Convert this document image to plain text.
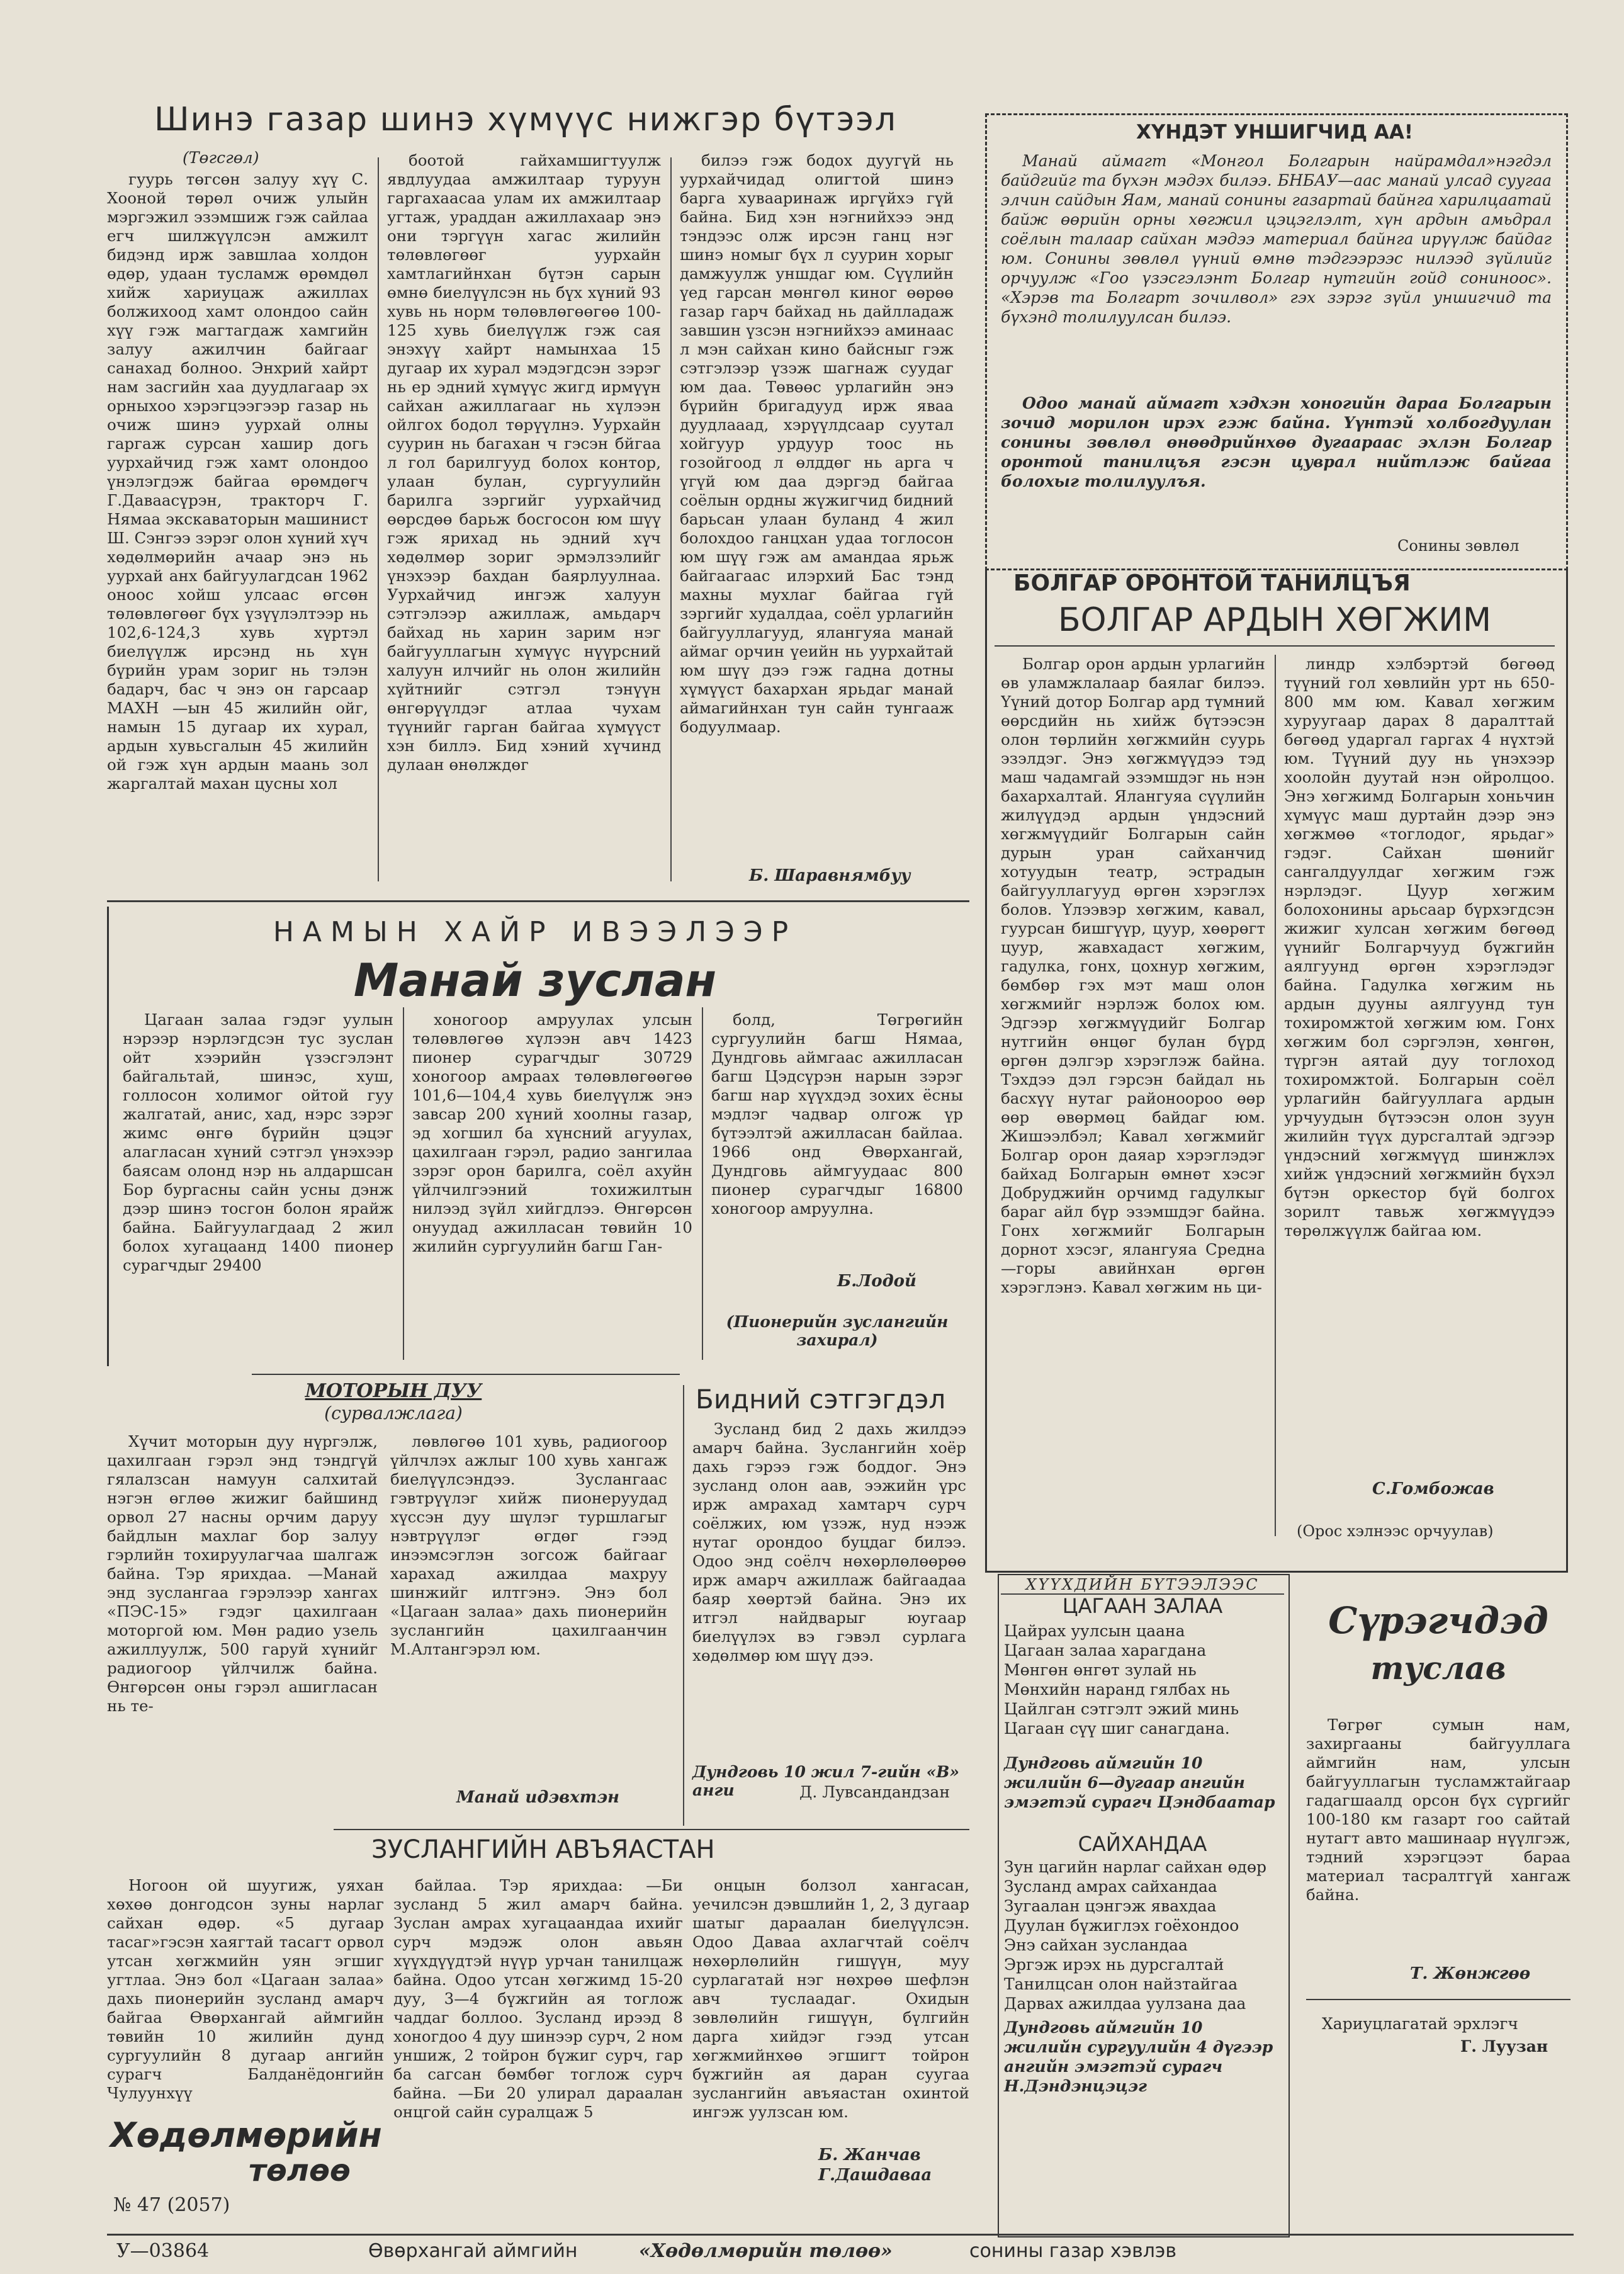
Шинэ газар шинэ хүмүүс нижгэр бүтээл
(Төгсгөл)

гуурь төгсөн залуу хүү С. Хооной төрөл очиж улыйн мэргэжил эзэмшиж гэж сайлаа егч шилжүүлсэн амжилт бидэнд ирж завшлаа холдон өдөр, удаан тусламж өрөмдөл хийж хариуцаж ажиллах болжихоод хамт олондоо сайн хүү гэж магтагдаж хамгийн залуу ажилчин байгааг санахад болноо. Энхрий хайрт нам засгийн хаа дуудлагаар эх орныхоо хэрэгцээгээр газар нь очиж шинэ уурхай олны гаргаж сурсан хашир догь уурхайчид гэж хамт олондоо үнэлэгдэж байгаа өрөмдөгч Г.Даваасүрэн, тракторч Г. Нямаа экскаваторын машинист Ш. Сэнгээ зэрэг олон хүний хүч хөдөлмөрийн ачаар энэ нь уурхай анх байгуулагдсан 1962 оноос хойш улсаас өгсөн төлөвлөгөөг бүх үзүүлэлтээр нь 102,6-124,3 хувь хүртэл биелүүлж ирсэнд нь хүн бүрийн урам зориг нь тэлэн бадарч, бас ч энэ он гарсаар МАХН —ын 45 жилийн ойг, намын 15 дугаар их хурал, ардын хувьсгалын 45 жилийн ой гэж хүн ардын маань зол жаргалтай махан цусны хол

боотой гайхамшигтуулж явдлуудаа амжилтаар туруун гаргахаасаа улам их амжилтаар угтаж, ураддан ажиллахаар энэ они тэргүүн хагас жилийн төлөвлөгөөг уурхайн хамтлагийнхан бүтэн сарын өмнө биелүүлсэн нь бүх хүний 93 хувь нь норм төлөвлөгөөгөө 100-125 хувь биелүүлж гэж сая энэхүү хайрт намынхаа 15 дугаар их хурал мэдэгдсэн зэрэг нь ер эдний хүмүүс жигд ирмүүн сайхан ажиллагааг нь хүлээн ойлгох бодол төрүүлнэ. Уурхайн суурин нь багахан ч гэсэн бйгаа л гол барилгууд болох контор, улаан булан, сургуулийн барилга зэргийг уурхайчид өөрсдөө барьж босгосон юм шүү гэж ярихад нь эдний хүч хөдөлмөр зориг эрмэлзэлийг үнэхээр бахдан баярлуулнаа. Уурхайчид ингэж халуун сэтгэлээр ажиллаж, амьдарч байхад нь харин зарим нэг байгууллагын хүмүүс нүүрсний халуун илчийг нь олон жилийн хүйтнийг сэтгэл тэнүүн өнгөрүүлдэг атлаа чухам түүнийг гарган байгаа хүмүүст хэн биллэ. Бид хэний хүчинд дулаан өнөлждөг

билээ гэж бодох дуугүй нь уурхайчидад олигтой шинэ барга хувааринаж иргүйхэ гүй байна. Бид хэн нэгнийхээ энд тэндээс олж ирсэн ганц нэг шинэ номыг бүх л суурин хорыг дамжуулж уншдаг юм. Сүүлийн үед гарсан мөнгөл киног өөрөө газар гарч байхад нь дайлладаж завшин үзсэн нэгнийхээ аминаас л мэн сайхан кино байсныг гэж сэтгэлээр үзэж шагнаж суудаг юм даа. Төвөөс урлагийн энэ бүрийн бригадууд ирж яваа дуудлааад, хэрүүлдсаар суутал хойгуур урдуур тоос нь гозойгоод л өлддөг нь арга ч үгүй юм даа дэргэд байгаа соёлын ордны жүжигчид бидний барьсан улаан буланд 4 жил болохдоо ганцхан удаа тоглосон юм шүү гэж ам амандаа ярьж байгаагаас илэрхий Бас тэнд махны мухлаг байгаа гүй зэргийг худалдаа, соёл урлагийн байгууллагууд, ялангуяа манай аймаг орчин үеийн нь уурхайтай юм шүү дээ гэж гадна дотны хүмүүст бахархан ярьдаг манай аймагийнхан тун сайн тунгааж бодуулмаар.

Б. Шаравнямбуу
ХҮНДЭТ УНШИГЧИД АА!

Манай аймагт «Монгол Болгарын найрамдал»нэгдэл байдгийг та бүхэн мэдэх билээ. БНБАУ—аас манай улсад суугаа элчин сайдын Яам, манай сонины газартай байнга харилцаатай байж өөрийн орны хөгжил цэцэглэлт, хүн ардын амьдрал соёлын талаар сайхан мэдээ материал байнга ирүүлж байдаг юм. Сонины зөвлөл үүний өмнө тэдгээрээс нилээд зүйлийг орчуулж «Гоо үзэсгэлэнт Болгар нутгийн гойд сониноос». «Хэрэв та Болгарт зочилвол» гэх зэрэг зүйл уншигчид та бүхэнд толилуулсан билээ.

Одоо манай аймагт хэдхэн хоногийн дараа Болгарын зочид морилон ирэх гэж байна. Үүнтэй холбогдуулан сонины зөвлөл өнөөдрийнхөө дугаараас эхлэн Болгар оронтой танилцъя гэсэн цуврал нийтлэж байгаа болохыг толилуулъя.

Сонины зөвлөл
БОЛГАР ОРОНТОЙ ТАНИЛЦЪЯ
БОЛГАР АРДЫН ХӨГЖИМ

Болгар орон ардын урлагийн өв уламжлалаар баялаг билээ. Үүний дотор Болгар ард түмний өөрсдийн нь хийж бүтээсэн олон төрлийн хөгжмийн суурь эзэлдэг. Энэ хөгжмүүдээ тэд маш чадамгай эзэмшдэг нь нэн бахархалтай. Ялангуяа сүүлийн жилүүдэд ардын үндэсний хөгжмүүдийг Болгарын сайн дурын уран сайханчид хотуудын театр, эстрадын байгууллагууд өргөн хэрэглэх болов. Үлээвэр хөгжим, кавал, гуурсан бишгүүр, цуур, хөөрөгт цуур, жавхадаст хөгжим, гадулка, гонх, цохнур хөгжим, бөмбөр гэх мэт маш олон хөгжмийг нэрлэж болох юм. Эдгээр хөгжмүүдийг Болгар нутгийн өнцөг булан бүрд өргөн дэлгэр хэрэглэж байна. Тэхдээ дэл гэрсэн байдал нь басхүү нутаг районоороо өөр өөр өвөрмөц байдаг юм. Жишээлбэл; Кавал хөгжмийг Болгар орон даяар хэрэглэдэг байхад Болгарын өмнөт хэсэг Добруджийн орчимд гадулкыг бараг айл бүр эзэмшдэг байна. Гонх хөгжмийг Болгарын дорнот хэсэг, ялангуяа Средна—горы авийнхан өргөн хэрэглэнэ. Кавал хөгжим нь ци-

линдр хэлбэртэй бөгөөд түүний гол хөвлийн урт нь 650-800 мм юм. Кавал хөгжим хуруугаар дарах 8 даралттай бөгөөд ударгал гаргах 4 нүхтэй юм. Түүний дуу нь үнэхээр хоолойн дуутай нэн ойролцоо. Энэ хөгжимд Болгарын хоньчин хүмүүс маш дуртайн дээр энэ хөгжмөө «тоглодог, ярьдаг» гэдэг. Сайхан шөнийг сангалдуулдаг хөгжим гэж нэрлэдэг. Цуур хөгжим болохонины арьсаар бүрхэгдсэн жижиг хулсан хөгжим бөгөөд үүнийг Болгарчууд бүжгийн аялгуунд өргөн хэрэглэдэг байна. Гадулка хөгжим нь ардын дууны аялгуунд тун тохиромжтой хөгжим юм. Гонх хөгжим бол сэргэлэн, хөнгөн, түргэн аятай дуу тоглоход тохиромжтой. Болгарын соёл урлагийн байгууллага ардын урчуудын бүтээсэн олон зуун жилийн түүх дурсгалтай эдгээр үндэсний хөгжмүүд шинжлэх хийж үндэсний хөгжмийн бүхэл бүтэн оркестор бүй болгох зорилт тавьж хөгжмүүдээ төрөлжүүлж байгаа юм.

С.Гомбожав
(Орос хэлнээс орчуулав)
НАМЫН ХАЙР ИВЭЭЛЭЭР
Манай зуслан

Цагаан залаа гэдэг уулын нэрээр нэрлэгдсэн тус зуслан ойт хээрийн үзэсгэлэнт байгальтай, шинэс, хуш, голлосон холимог ойтой гуу жалгатай, анис, хад, нэрс зэрэг жимс өнгө бүрийн цэцэг алагласан хүний сэтгэл үнэхээр баясам олонд нэр нь алдаршсан Бор бургасны сайн усны дэнж дээр шинэ тосгон болон ярайж байна. Байгуулагдаад 2 жил болох хугацаанд 1400 пионер сурагчдыг 29400

хоногоор амруулах улсын төлөвлөгөө хүлээн авч 1423 пионер сурагчдыг 30729 хоногоор амраах төлөвлөгөөгөө 101,6—104,4 хувь биелүүлж энэ завсар 200 хүний хоолны газар, эд хогшил ба хүнсний агуулах, цахилгаан гэрэл, радио зангилаа зэрэг орон барилга, соёл ахуйн үйлчилгээний тохижилтын нилээд зүйл хийгдлээ. Өнгөрсөн онуудад ажилласан төвийн 10 жилийн сургуулийн багш Ган-

болд, Төгрөгийн сургуулийн багш Нямаа, Дундговь аймгаас ажилласан багш Цэдсүрэн нарын зэрэг багш нар хүүхдэд зохих ёсны мэдлэг чадвар олгож үр бүтээлтэй ажилласан байлаа. 1966 онд Өвөрхангай, Дундговь аймгуудаас 800 пионер сурагчдыг 16800 хоногоор амруулна.

Б.Лодой
(Пионерийн зуслангийн захирал)
МОТОРЫН ДУУ
(сурвалжлага)

Хүчит моторын дуу нүргэлж, цахилгаан гэрэл энд тэндгүй гялалзсан намуун салхитай нэгэн өглөө жижиг байшинд орвол 27 насны орчим даруу байдлын махлаг бор залуу гэрлийн тохируулагчаа шалгаж байна. Тэр ярихдаа. —Манай энд зуслангаа гэрэлээр хангах «ПЭС-15» гэдэг цахилгаан моторгой юм. Мөн радио узель ажиллуулж, 500 гаруй хүнийг радиогоор үйлчилж байна. Өнгөрсөн оны гэрэл ашигласан нь те-

лөвлөгөө 101 хувь, радиогоор үйлчлэх ажлыг 100 хувь хангаж биелүүлсэндээ. Зуслангаас гэвтрүүлэг хийж пионеруудад хүссэн дуу шүлэг туршлагыг нэвтрүүлэг өгдөг гээд инээмсэглэн зогсож байгааг харахад ажилдаа махруу шинжийг илтгэнэ. Энэ бол «Цагаан залаа» дахь пионерийн зуслангийн цахилгаанчин М.Алтангэрэл юм.

Манай идэвхтэн
Бидний сэтгэгдэл

Зусланд бид 2 дахь жилдээ амарч байна. Зуслангийн хоёр дахь гэрээ гэж боддог. Энэ зусланд олон аав, ээжийн үрс ирж амрахад хамтарч сурч соёлжих, юм үзэж, нуд нээж нутаг орондоо буцдаг билээ. Одоо энд соёлч нөхөрлөлөөрөө ирж амарч ажиллаж байгаадаа баяр хөөртэй байна. Энэ их итгэл найдварыг юугаар биелүүлэх вэ гэвэл сурлага хөдөлмөр юм шүү дээ.

Дундговь 10 жил 7-гийн «В» анги	Д. Лувсандандзан
ЗУСЛАНГИЙН АВЪЯАСТАН

Ногоон ой шуугиж, уяхан хөхөө донгодсон зуны нарлаг сайхан өдөр. «5 дугаар тасаг»гэсэн хаягтай тасагт орвол утсан хөгжмийн уян эгшиг угтлаа. Энэ бол «Цагаан залаа» дахь пионерийн зусланд амарч байгаа Өвөрхангай аймгийн төвийн 10 жилийн дунд сургуулийн 8 дугаар ангийн сурагч Балданёдонгийн Чулуунхүү

байлаа. Тэр ярихдаа: —Би зусланд 5 жил амарч байна. Зуслан амрах хугацаандаа ихийг сурч мэдэж олон авьян хүүхдүүдтэй нүүр урчан танилцаж байна. Одоо утсан хөгжимд 15-20 дуу, 3—4 бүжгийн ая тоглож чаддаг боллоо. Зусланд ирээд 8 хоногдоо 4 дуу шинээр сурч, 2 ном уншиж, 2 тойрон бүжиг сурч, гар ба сагсан бөмбөг тоглож сурч байна. —Би 20 улирал дараалан онцгой сайн суралцаж 5

онцын болзол хангасан, уечилсэн дэвшлийн 1, 2, 3 дугаар шатыг дараалан биелүүлсэн. Одоо Даваа ахлагчтай соёлч нөхөрлөлийн гишүүн, муу сурлагатай нэг нөхрөө шефлэн авч туслаадаг. Охидын зөвлөлийн гишүүн, бүлгийн дарга хийдэг гээд утсан хөгжмийнхөө эгшигт тойрон бүжгийн ая даран суугаа зуслангийн авъяастан охинтой ингэж уулзсан юм.

Б. Жанчав
Г.Дашдаваа
Хөдөлмөрийн
төлөө
№ 47 (2057)
ХҮҮХДИЙН БҮТЭЭЛЭЭС
ЦАГААН ЗАЛАА
Цайрах уулсын цаана
Цагаан залаа харагдана
Мөнгөн өнгөт зулай нь
Мөнхийн наранд гялбах нь
Цайлган сэтгэлт эжий минь
Цагаан сүү шиг санагдана.
Дундговь аймгийн 10 жилийн 6—дугаар ангийн эмэгтэй сурагч Цэндбаатар
САЙХАНДАА
Зун цагийн нарлаг сайхан өдөр
Зусланд амрах сайхандаа
Зугаалан цэнгэж явахдаа
Дуулан бүжиглэх гоёхондоо
Энэ сайхан зусландаа
Эргэж ирэх нь дурсгалтай
Танилцсан олон найзтайгаа
Дарвах ажилдаа уулзана даа
Дундговь аймгийн 10 жилийн сургуулийн 4 дүгээр ангийн эмэгтэй сурагч Н.Дэндэнцэцэг
Сүрэгчдэд
туслав

Төгрөг сумын нам, захиргааны байгууллага аймгийн нам, улсын байгууллагын тусламжтайгаар гадагшаалд орсон бүх сүргийг 100-180 км газарт гоо сайтай нутагт авто машинаар нүүлгэж, тэдний хэрэгцээт бараа материал тасралтгүй хангаж байна.

Т. Жөнжгөө
Хариуцлагатай эрхлэгч
Г. Луузан
У—03864	Өвөрхангай аймгийн	«Хөдөлмөрийн төлөө»	сонины газар хэвлэв
